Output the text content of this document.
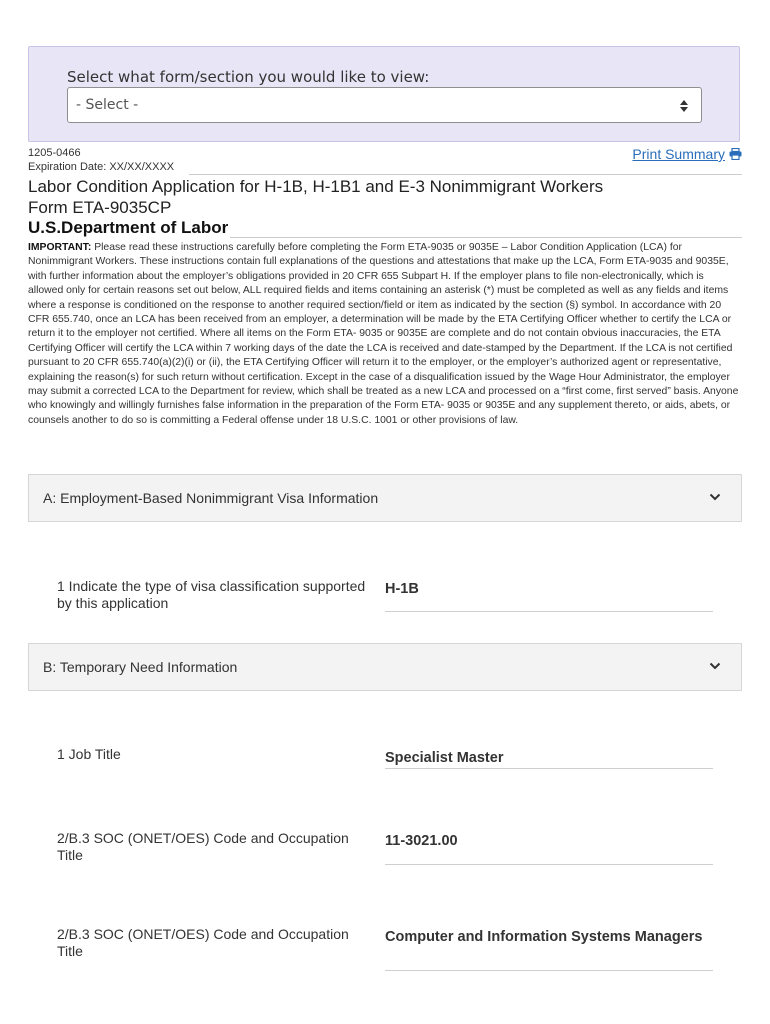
Select what form/section you would like to view:
- Select -
1205-0466
Expiration Date: XX/XX/XXXX
Print Summary
Labor Condition Application for H-1B, H-1B1 and E-3 Nonimmigrant Workers
Form ETA-9035CP
U.S.Department of Labor
IMPORTANT: Please read these instructions carefully before completing the Form ETA-9035 or 9035E – Labor Condition Application (LCA) for Nonimmigrant Workers. These instructions contain full explanations of the questions and attestations that make up the LCA, Form ETA-9035 and 9035E, with further information about the employer’s obligations provided in 20 CFR 655 Subpart H. If the employer plans to file non-electronically, which is allowed only for certain reasons set out below, ALL required fields and items containing an asterisk (*) must be completed as well as any fields and items where a response is conditioned on the response to another required section/field or item as indicated by the section (§) symbol. In accordance with 20 CFR 655.740, once an LCA has been received from an employer, a determination will be made by the ETA Certifying Officer whether to certify the LCA or return it to the employer not certified. Where all items on the Form ETA- 9035 or 9035E are complete and do not contain obvious inaccuracies, the ETA Certifying Officer will certify the LCA within 7 working days of the date the LCA is received and date-stamped by the Department. If the LCA is not certified pursuant to 20 CFR 655.740(a)(2)(i) or (ii), the ETA Certifying Officer will return it to the employer, or the employer’s authorized agent or representative, explaining the reason(s) for such return without certification. Except in the case of a disqualification issued by the Wage Hour Administrator, the employer may submit a corrected LCA to the Department for review, which shall be treated as a new LCA and processed on a “first come, first served” basis. Anyone who knowingly and willingly furnishes false information in the preparation of the Form ETA- 9035 or 9035E and any supplement thereto, or aids, abets, or counsels another to do so is committing a Federal offense under 18 U.S.C. 1001 or other provisions of law.
A: Employment-Based Nonimmigrant Visa Information
1 Indicate the type of visa classification supported by this application
H-1B
B: Temporary Need Information
1 Job Title	Specialist Master
2/B.3 SOC (ONET/OES) Code and Occupation Title
11-3021.00
2/B.3 SOC (ONET/OES) Code and Occupation Title
Computer and Information Systems Managers
